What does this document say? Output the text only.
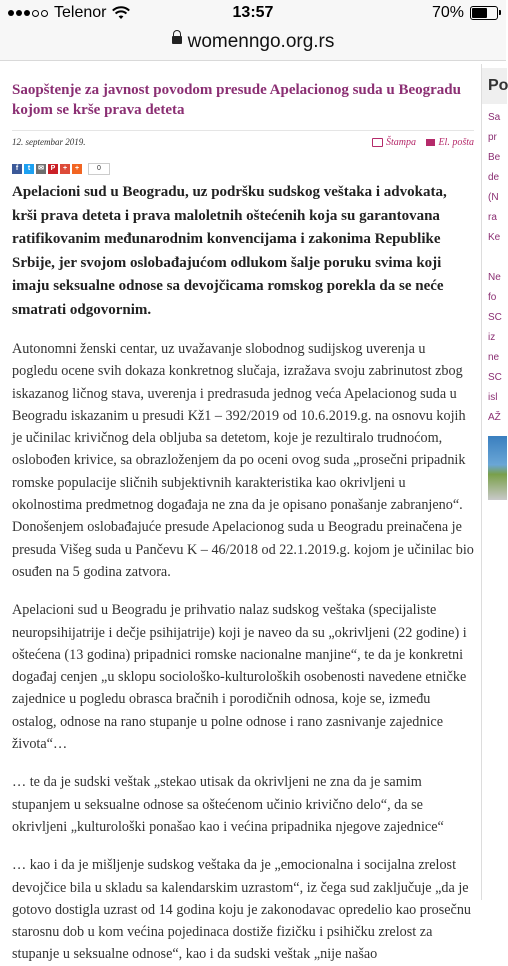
Telenor	13:57	70%
womenngo.org.rs
Saopštenje za javnost povodom presude Apelacionog suda u Beogradu kojom se krše prava deteta
12. septembar 2019.	Štampa El. pošta
f	t	✉ P	+	+	0

Apelacioni sud u Beogradu, uz podršku sudskog veštaka i advokata, krši prava deteta i prava maloletnih oštećenih koja su garantovana ratifikovanim međunarodnim konvencijama i zakonima Republike Srbije, jer svojom oslobađajućom odlukom šalje poruku svima koji imaju seksualne odnose sa devojčicama romskog porekla da se neće smatrati odgovornim.

Autonomni ženski centar, uz uvažavanje slobodnog sudijskog uverenja u pogledu ocene svih dokaza konkretnog slučaja, izražava svoju zabrinutost zbog iskazanog ličnog stava, uverenja i predrasuda jednog veća Apelacionog suda u Beogradu iskazanim u presudi Kž1 – 392/2019 od 10.6.2019.g. na osnovu kojih je učinilac krivičnog dela obljuba sa detetom, koje je rezultiralo trudnoćom, oslobođen krivice, sa obrazloženjem da po oceni ovog suda „prosečni pripadnik romske populacije sličnih subjektivnih karakteristika kao okrivljeni u okolnostima predmetnog događaja ne zna da je opisano ponašanje zabranjeno“. Donošenjem oslobađajuće presude Apelacionog suda u Beogradu preinačena je presuda Višeg suda u Pančevu K – 46/2018 od 22.1.2019.g. kojom je učinilac bio osuđen na 5 godina zatvora.

Apelacioni sud u Beogradu je prihvatio nalaz sudskog veštaka (specijaliste neuropsihijatrije i dečje psihijatrije) koji je naveo da su „okrivljeni (22 godine) i oštećena (13 godina) pripadnici romske nacionalne manjine“, te da je konkretni događaj cenjen „u sklopu sociološko-kulturoloških osobenosti navedene etničke zajednice u pogledu obrasca bračnih i porodičnih odnosa, koje se, između ostalog, odnose na rano stupanje u polne odnose i rano zasnivanje zajednice života“…

… te da je sudski veštak „stekao utisak da okrivljeni ne zna da je samim stupanjem u seksualne odnose sa oštećenom učinio krivično delo“, da se okrivljeni „kulturološki ponašao kao i većina pripadnika njegove zajednice“

… kao i da je mišljenje sudskog veštaka da je „emocionalna i socijalna zrelost devojčice bila u skladu sa kalendarskim uzrastom“, iz čega sud zaključuje „da je gotovo dostigla uzrast od 14 godina koju je zakonodavac opredelio kao prosečnu starosnu dob u kom većina pojedinaca dostiže fizičku i psihičku zrelost za stupanje u seksualne odnose“, kao i da sudski veštak „nije našao

Po
Sa
pr
Be
de
(N
ra
Ke
Ne
fo
SC
iz
ne
SC
isl
AŽ
